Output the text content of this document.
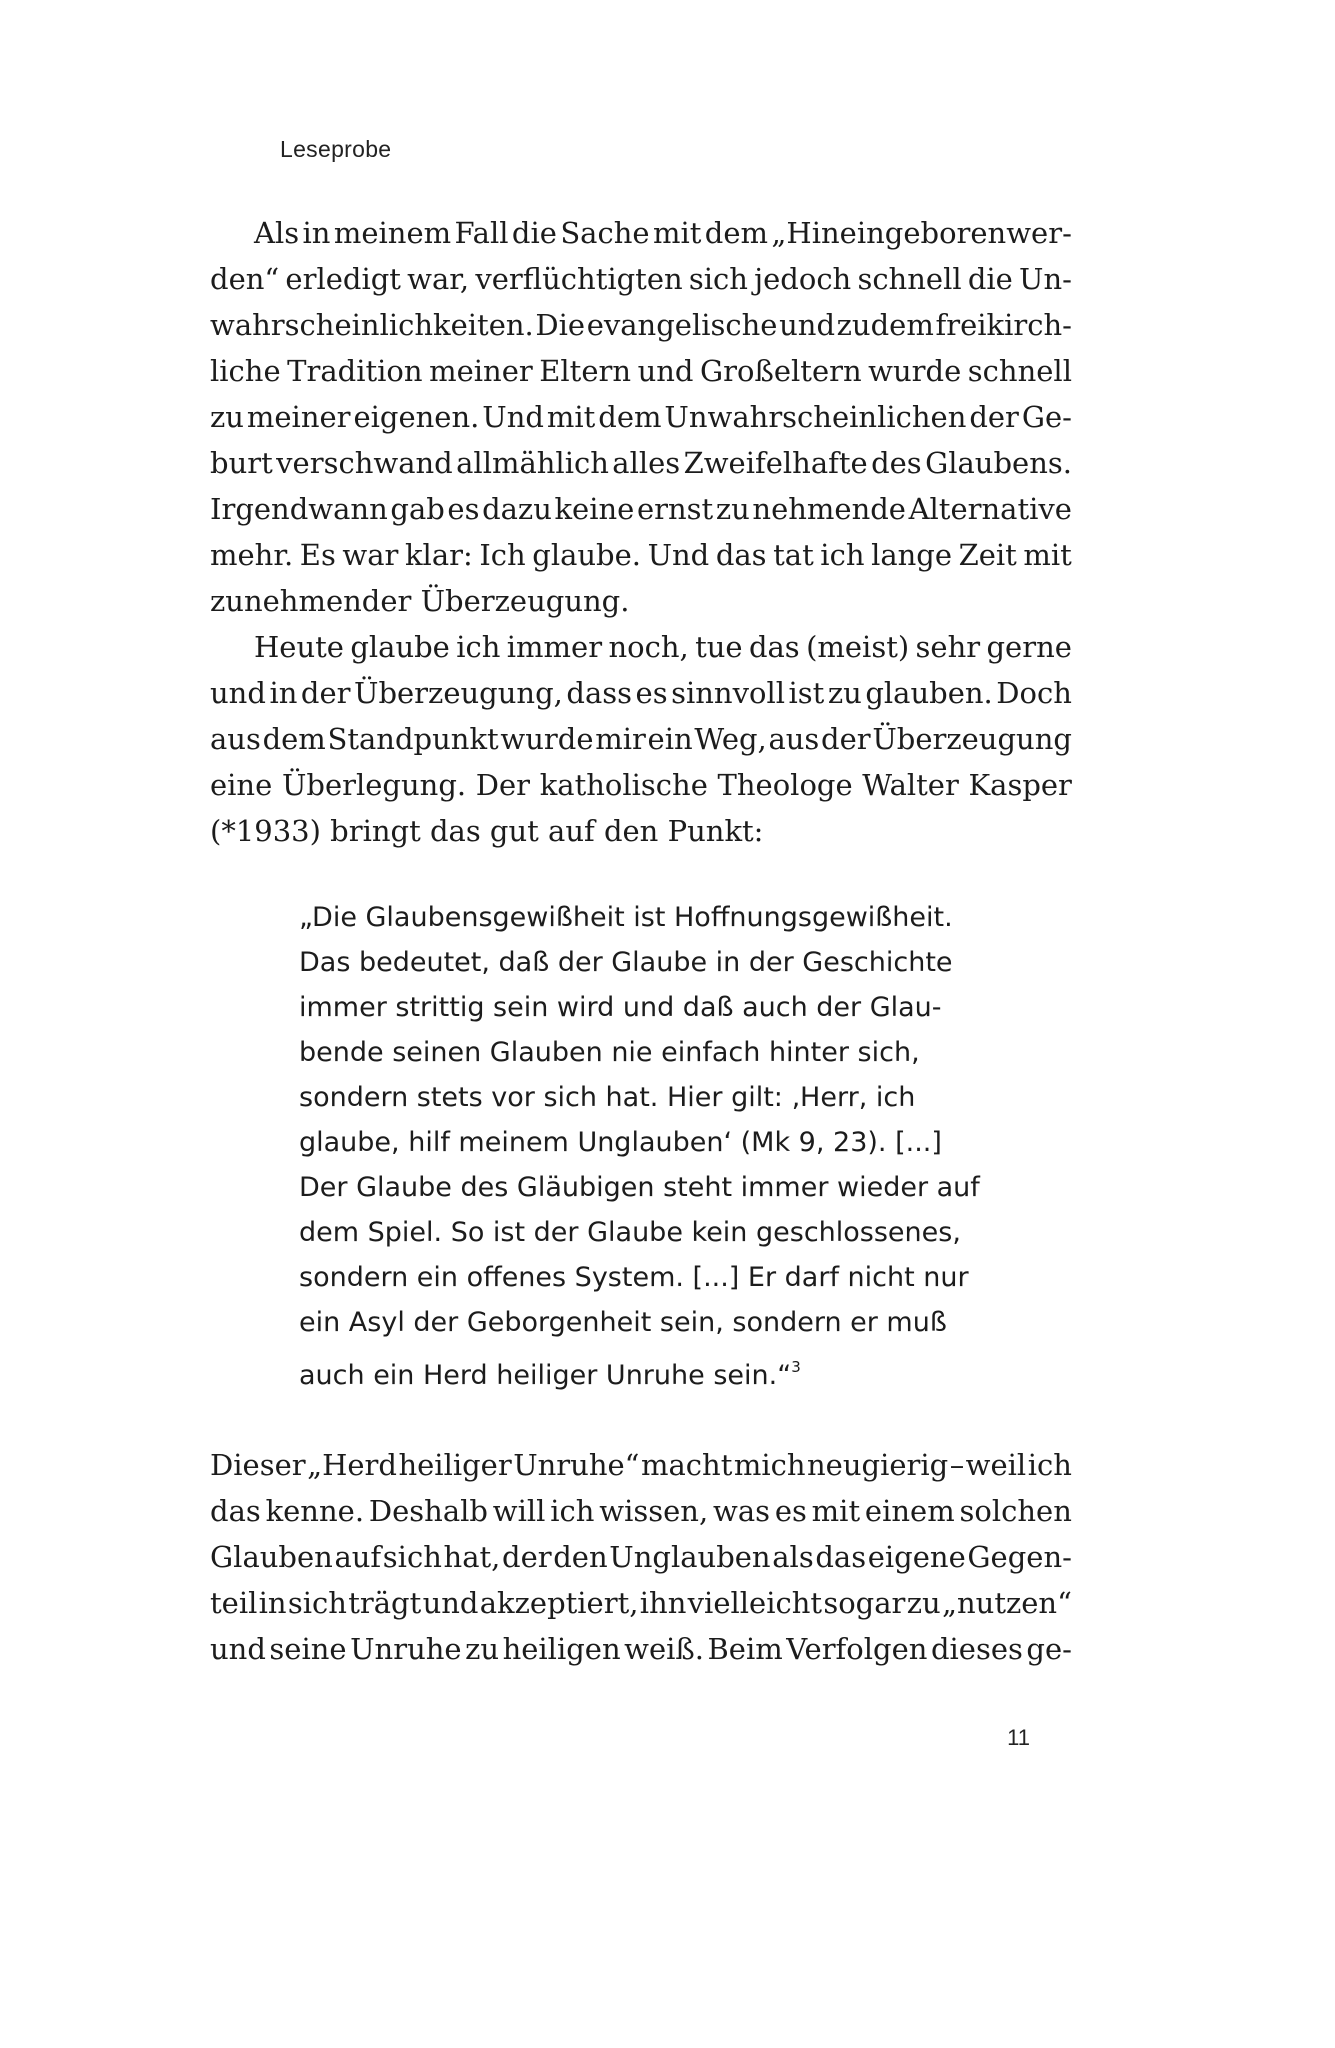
Leseprobe
Als in meinem Fall die Sache mit dem „Hineingeborenwer-
den“ erledigt war, verflüchtigten sich jedoch schnell die Un-
wahrscheinlichkeiten. Die evangelische und zudem freikirch-
liche Tradition meiner Eltern und Großeltern wurde schnell
zu meiner eigenen. Und mit dem Unwahrscheinlichen der Ge-
burt verschwand allmählich alles Zweifelhafte des Glaubens.
Irgendwann gab es dazu keine ernst zu nehmende Alternative
mehr. Es war klar: Ich glaube. Und das tat ich lange Zeit mit
zunehmender Überzeugung.
Heute glaube ich immer noch, tue das (meist) sehr gerne
und in der Überzeugung, dass es sinnvoll ist zu glauben. Doch
aus dem Standpunkt wurde mir ein Weg, aus der Überzeugung
eine Überlegung. Der katholische Theologe Walter Kasper
(*1933) bringt das gut auf den Punkt:
„Die Glaubensgewißheit ist Hoffnungsgewißheit.
Das bedeutet, daß der Glaube in der Geschichte
immer strittig sein wird und daß auch der Glau-
bende seinen Glauben nie einfach hinter sich,
sondern stets vor sich hat. Hier gilt: ‚Herr, ich
glaube, hilf meinem Unglauben‘ (Mk 9, 23). [...]
Der Glaube des Gläubigen steht immer wieder auf
dem Spiel. So ist der Glaube kein geschlossenes,
sondern ein offenes System. [...] Er darf nicht nur
ein Asyl der Geborgenheit sein, sondern er muß
auch ein Herd heiliger Unruhe sein.“$^3$
Dieser „Herd heiliger Unruhe“ macht mich neugierig – weil ich
das kenne. Deshalb will ich wissen, was es mit einem solchen
Glauben auf sich hat, der den Unglauben als das eigene Gegen-
teil in sich trägt und akzeptiert, ihn vielleicht sogar zu „nutzen“
und seine Unruhe zu heiligen weiß. Beim Verfolgen dieses ge-
11
